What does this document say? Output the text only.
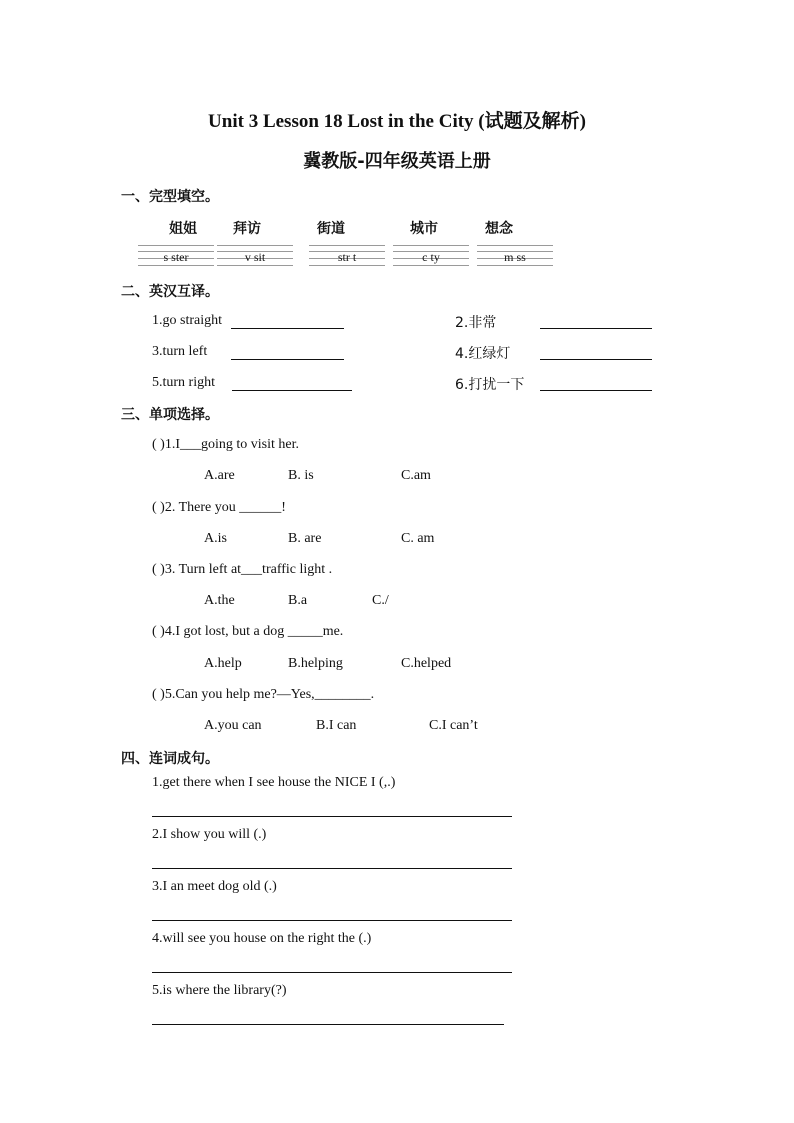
Unit 3 Lesson 18 Lost in the City (试题及解析)
冀教版-四年级英语上册
一、完型填空。
姐姐	拜访	街道	城市	想念
s ster	v sit	str t	c ty	m ss
二、英汉互译。
1.go straight	2.非常
3.turn left	4.红绿灯
5.turn right	6.打扰一下
三、单项选择。
( )1.I___going to visit her.
A.are	B. is	C.am
( )2. There you ______!
A.is	B. are	C. am
( )3. Turn left at___traffic light .
A.the	B.a	C./
( )4.I got lost, but a dog _____me.
A.help	B.helping	C.helped
( )5.Can you help me?—Yes,________.
A.you can	B.I can	C.I can’t
四、连词成句。
1.get there when I see house the NICE I (,.)
2.I show you will (.)
3.I an meet dog old (.)
4.will see you house on the right the (.)
5.is where the library(?)
